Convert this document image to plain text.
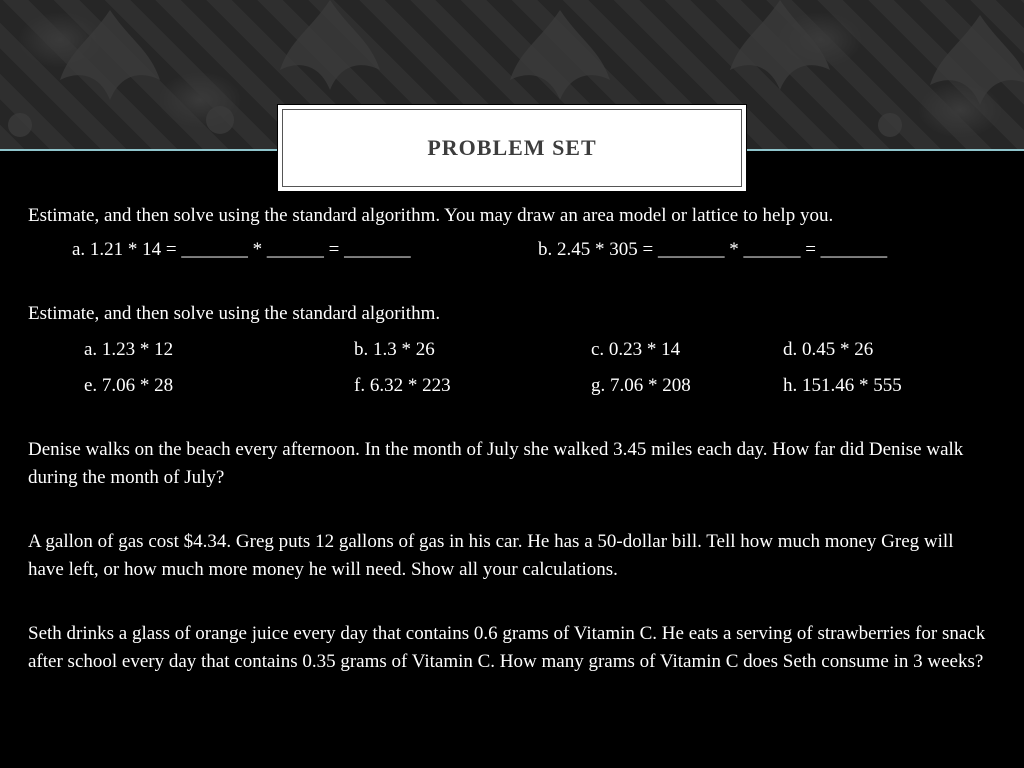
PROBLEM SET

Estimate, and then solve using the standard algorithm. You may draw an area model or lattice to help you.

a. 1.21 * 14 = _______ * ______ = _______	b. 2.45 * 305 = _______ * ______ = _______

Estimate, and then solve using the standard algorithm.

a. 1.23 * 12	b. 1.3 * 26	c. 0.23 * 14	d. 0.45 * 26
e. 7.06 * 28	f. 6.32 * 223	g. 7.06 * 208	h. 151.46 * 555

Denise walks on the beach every afternoon. In the month of July she walked 3.45 miles each day. How far did Denise walk during the month of July?

A gallon of gas cost $4.34. Greg puts 12 gallons of gas in his car. He has a 50-dollar bill. Tell how much money Greg will have left, or how much more money he will need. Show all your calculations.

Seth drinks a glass of orange juice every day that contains 0.6 grams of Vitamin C. He eats a serving of strawberries for snack after school every day that contains 0.35 grams of Vitamin C. How many grams of Vitamin C does Seth consume in 3 weeks?
